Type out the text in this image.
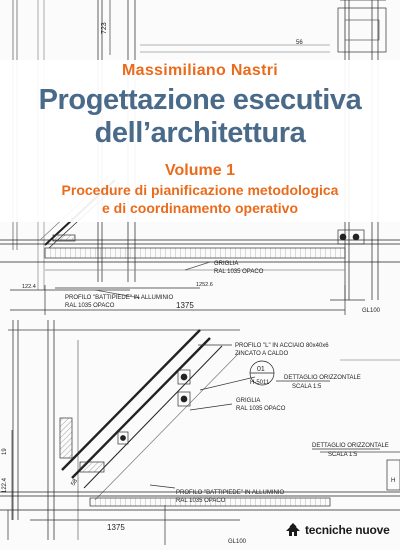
723
56
GRIGLIA
RAL 1035 OPACO
122.4	1252.6
PROFILO "BATTIPIEDE" IN ALLUMINIO
RAL 1035 OPACO	1375
GL100
PROFILO "L" IN ACCIAIO 80x40x6
ZINCATO A CALDO
01
H-5011
DETTAGLIO ORIZZONTALE
SCALA 1:5
GRIGLIA
RAL 1035 OPACO
DETTAGLIO ORIZZONTALE
SCALA 1:5
122.4
19
58
PROFILO "BATTIPIEDE" IN ALLUMINIO
RAL 1035 OPACO
1375
GL100
H
Massimiliano Nastri
Progettazione esecutiva
dell’architettura
Volume 1
Procedure di pianificazione metodologica
e di coordinamento operativo
tecniche nuove
